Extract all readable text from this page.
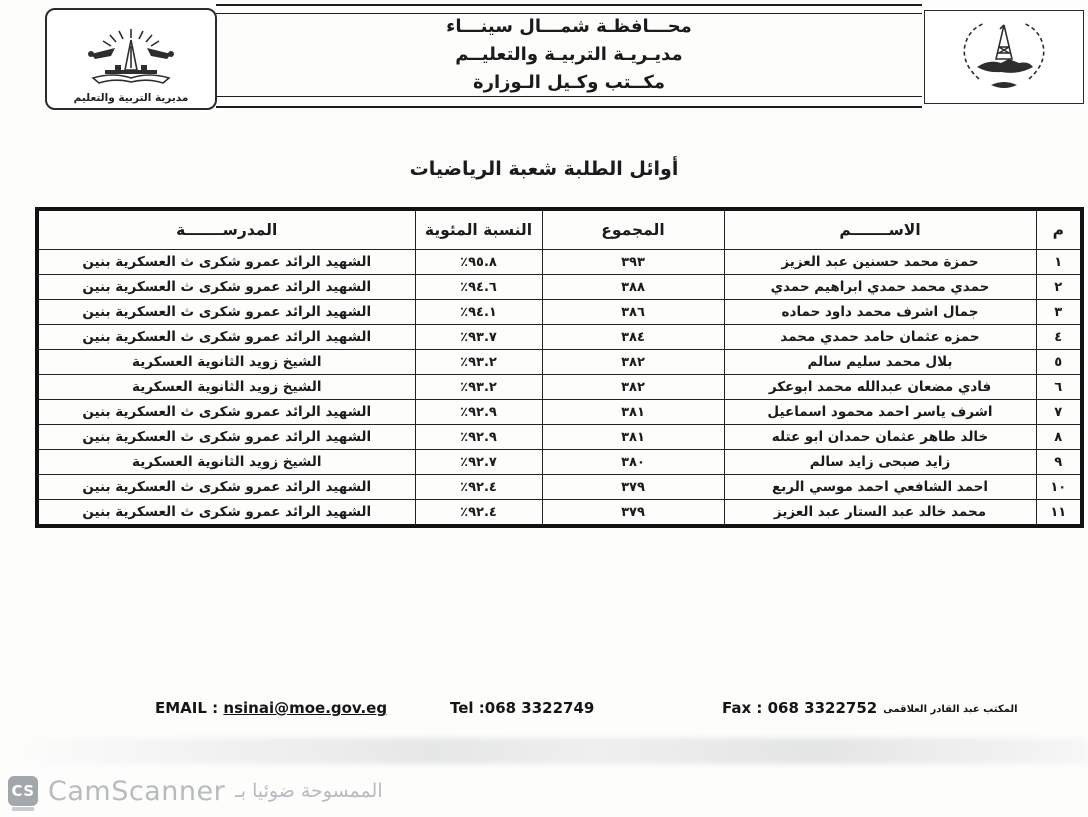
مديرية التربية والتعليم
محـــافظـة شمـــال سينـــاء
مديـريـة التربيـة والتعليــم
مكــتب وكـيل الـوزارة
أوائل الطلبة شعبة الرياضيات
م	الاســـــــم	المجموع	النسبة المئوية	المدرســـــــة
١	حمزة محمد حسنين عبد العزيز	٣٩٣	٪٩٥.٨	الشهيد الرائد عمرو شكرى ث العسكرية بنين
٢	حمدي محمد حمدي ابراهيم حمدي	٣٨٨	٪٩٤.٦	الشهيد الرائد عمرو شكرى ث العسكرية بنين
٣	جمال اشرف محمد داود حماده	٣٨٦	٪٩٤.١	الشهيد الرائد عمرو شكرى ث العسكرية بنين
٤	حمزه عثمان حامد حمدي محمد	٣٨٤	٪٩٣.٧	الشهيد الرائد عمرو شكرى ث العسكرية بنين
٥	بلال محمد سليم سالم	٣٨٢	٪٩٣.٢	الشيخ زويد الثانوية العسكرية
٦	فادي مضعان عبدالله محمد ابوعكر	٣٨٢	٪٩٣.٢	الشيخ زويد الثانوية العسكرية
٧	اشرف ياسر احمد محمود اسماعيل	٣٨١	٪٩٢.٩	الشهيد الرائد عمرو شكرى ث العسكرية بنين
٨	خالد طاهر عثمان حمدان ابو عتله	٣٨١	٪٩٢.٩	الشهيد الرائد عمرو شكرى ث العسكرية بنين
٩	زايد صبحى زايد سالم	٣٨٠	٪٩٢.٧	الشيخ زويد الثانوية العسكرية
١٠	احمد الشافعي احمد موسي الربع	٣٧٩	٪٩٢.٤	الشهيد الرائد عمرو شكرى ث العسكرية بنين
١١	محمد خالد عبد الستار عبد العزيز	٣٧٩	٪٩٢.٤	الشهيد الرائد عمرو شكرى ث العسكرية بنين
EMAIL : nsinai@moe.gov.eg	Tel :068 3322749	Fax : 068 3322752 المكتب عبد القادر العلاقمى
CS CamScanner الممسوحة ضوئيا بـ
